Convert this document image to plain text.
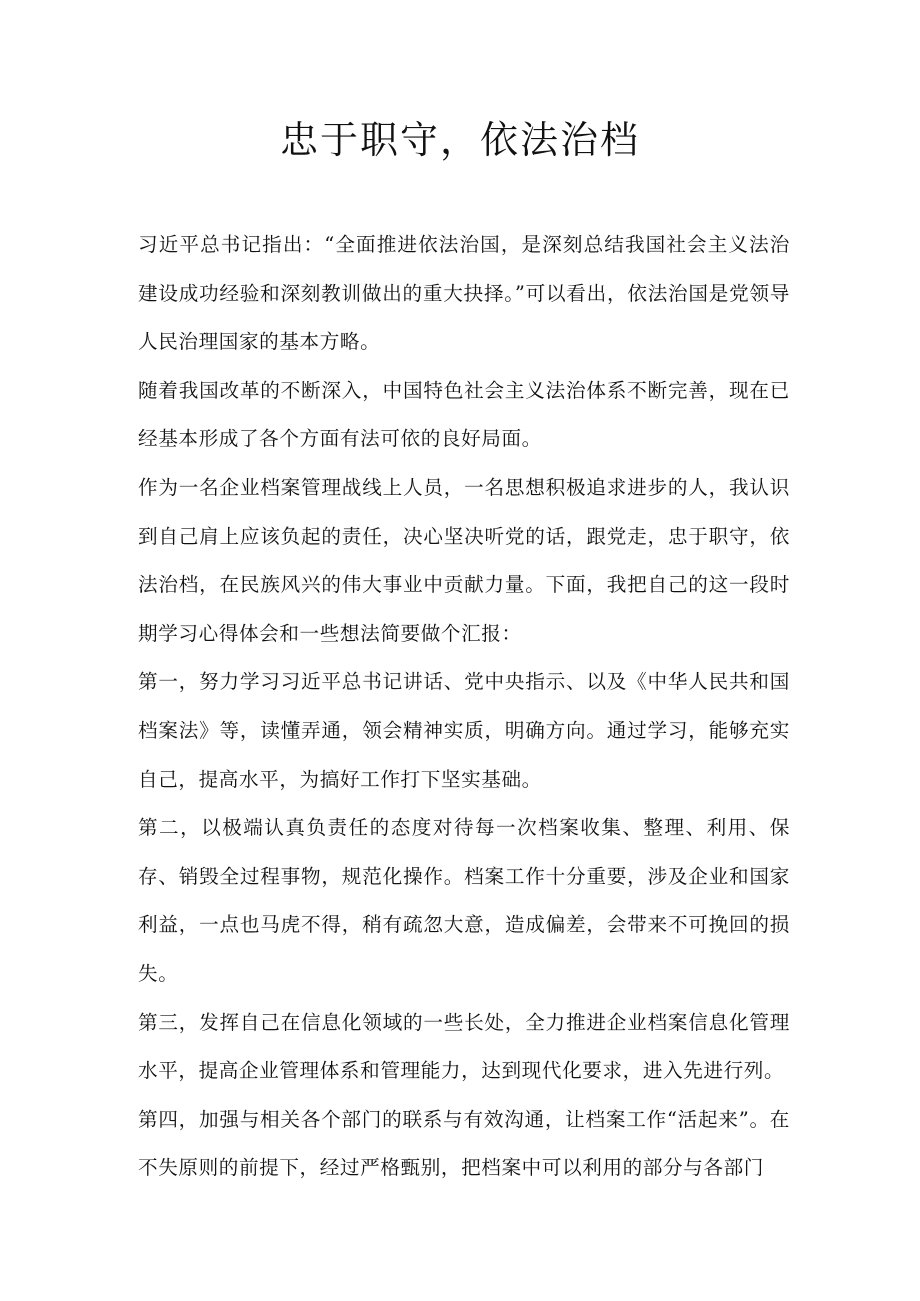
忠于职守，依法治档

习近平总书记指出：“全面推进依法治国，是深刻总结我国社会主义法治建设成功经验和深刻教训做出的重大抉择。”可以看出，依法治国是党领导人民治理国家的基本方略。

随着我国改革的不断深入，中国特色社会主义法治体系不断完善，现在已经基本形成了各个方面有法可依的良好局面。

作为一名企业档案管理战线上人员，一名思想积极追求进步的人，我认识到自己肩上应该负起的责任，决心坚决听党的话，跟党走，忠于职守，依法治档，在民族风兴的伟大事业中贡献力量。下面，我把自己的这一段时期学习心得体会和一些想法简要做个汇报：

第一，努力学习习近平总书记讲话、党中央指示、以及《中华人民共和国档案法》等，读懂弄通，领会精神实质，明确方向。通过学习，能够充实自己，提高水平，为搞好工作打下坚实基础。

第二，以极端认真负责任的态度对待每一次档案收集、整理、利用、保存、销毁全过程事物，规范化操作。档案工作十分重要，涉及企业和国家利益，一点也马虎不得，稍有疏忽大意，造成偏差，会带来不可挽回的损失。

第三，发挥自己在信息化领域的一些长处，全力推进企业档案信息化管理水平，提高企业管理体系和管理能力，达到现代化要求，进入先进行列。

第四，加强与相关各个部门的联系与有效沟通，让档案工作“活起来”。在不失原则的前提下，经过严格甄别，把档案中可以利用的部分与各部门
